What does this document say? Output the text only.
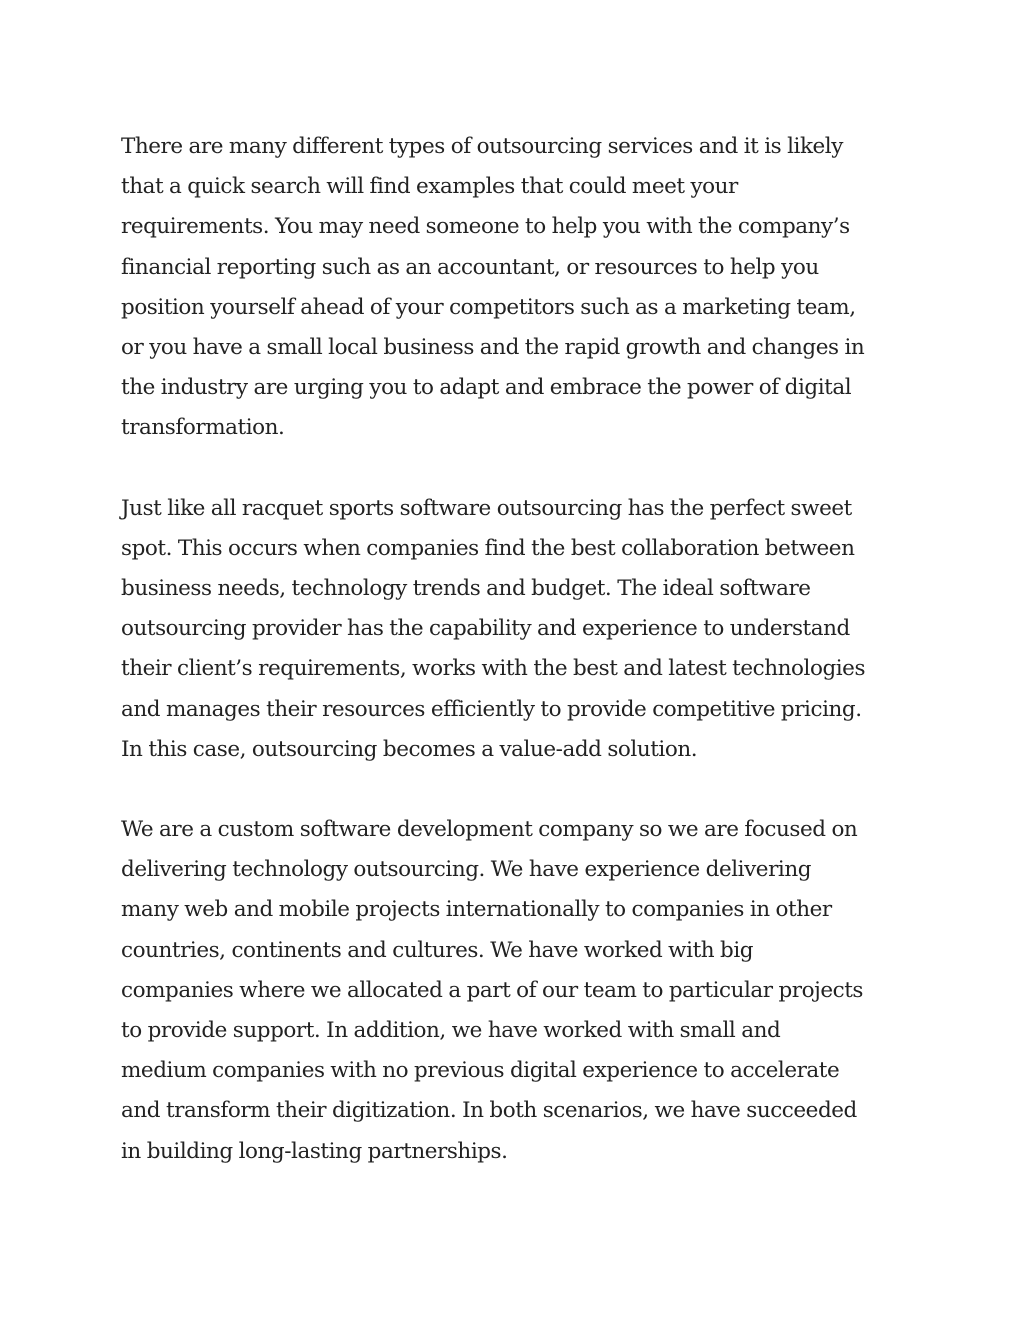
There are many different types of outsourcing services and it is likely
that a quick search will find examples that could meet your
requirements. You may need someone to help you with the company’s
financial reporting such as an accountant, or resources to help you
position yourself ahead of your competitors such as a marketing team,
or you have a small local business and the rapid growth and changes in
the industry are urging you to adapt and embrace the power of digital
transformation.

Just like all racquet sports software outsourcing has the perfect sweet
spot. This occurs when companies find the best collaboration between
business needs, technology trends and budget. The ideal software
outsourcing provider has the capability and experience to understand
their client’s requirements, works with the best and latest technologies
and manages their resources efficiently to provide competitive pricing.
In this case, outsourcing becomes a value-add solution.

We are a custom software development company so we are focused on
delivering technology outsourcing. We have experience delivering
many web and mobile projects internationally to companies in other
countries, continents and cultures. We have worked with big
companies where we allocated a part of our team to particular projects
to provide support. In addition, we have worked with small and
medium companies with no previous digital experience to accelerate
and transform their digitization. In both scenarios, we have succeeded
in building long-lasting partnerships.
